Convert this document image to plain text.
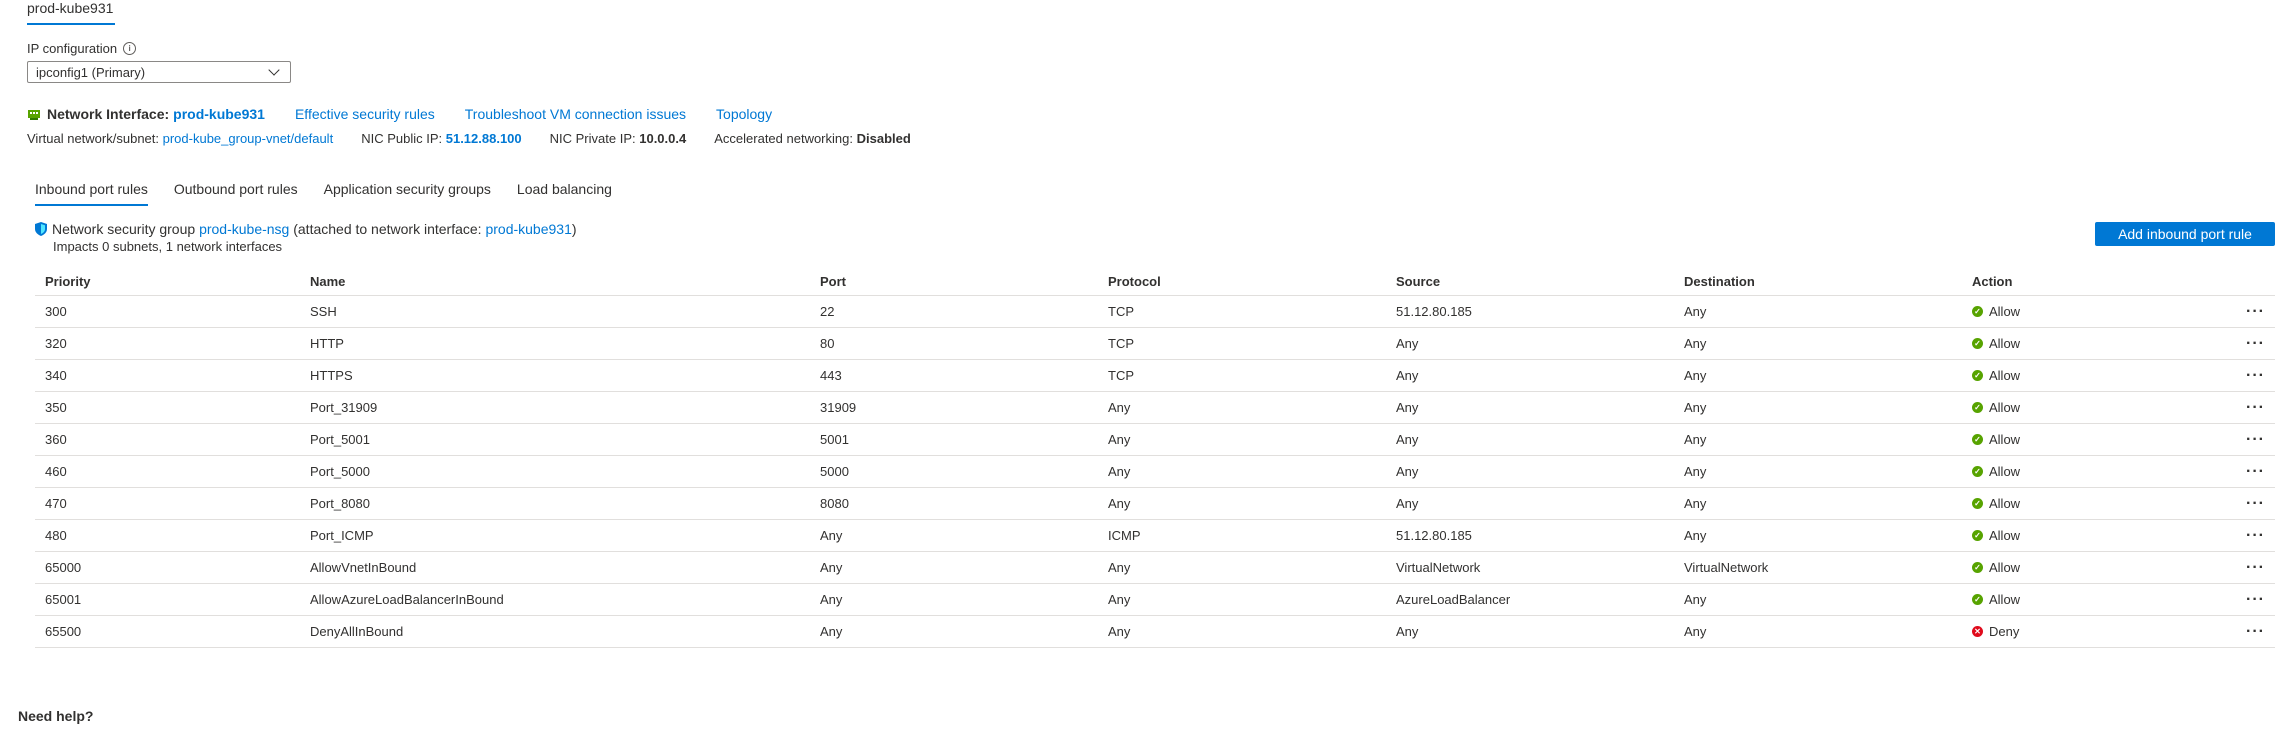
prod-kube931
IP configuration	i
ipconfig1 (Primary)
Network Interface: prod-kube931 Effective security rules Troubleshoot VM connection issues Topology
Virtual network/subnet: prod-kube_group-vnet/default NIC Public IP: 51.12.88.100 NIC Private IP: 10.0.0.4 Accelerated networking: Disabled
Inbound port rules Outbound port rules Application security groups Load balancing
Network security group
prod-kube-nsg
(attached to network interface:
prod-kube931 )
Impacts 0 subnets, 1 network interfaces
Add inbound port rule
Priority	Name	Port	Protocol	Source	Destination	Action	
300	SSH	22	TCP	51.12.80.185	Any	✓ Allow	···
320	HTTP	80	TCP	Any	Any	✓ Allow	···
340	HTTPS	443	TCP	Any	Any	✓ Allow	···
350	Port_31909	31909	Any	Any	Any	✓ Allow	···
360	Port_5001	5001	Any	Any	Any	✓ Allow	···
460	Port_5000	5000	Any	Any	Any	✓ Allow	···
470	Port_8080	8080	Any	Any	Any	✓ Allow	···
480	Port_ICMP	Any	ICMP	51.12.80.185	Any	✓ Allow	···
65000	AllowVnetInBound	Any	Any	VirtualNetwork	VirtualNetwork	✓ Allow	···
65001	AllowAzureLoadBalancerInBound	Any	Any	AzureLoadBalancer	Any	✓ Allow	···
65500	DenyAllInBound	Any	Any	Any	Any	✕ Deny	···
Need help?
